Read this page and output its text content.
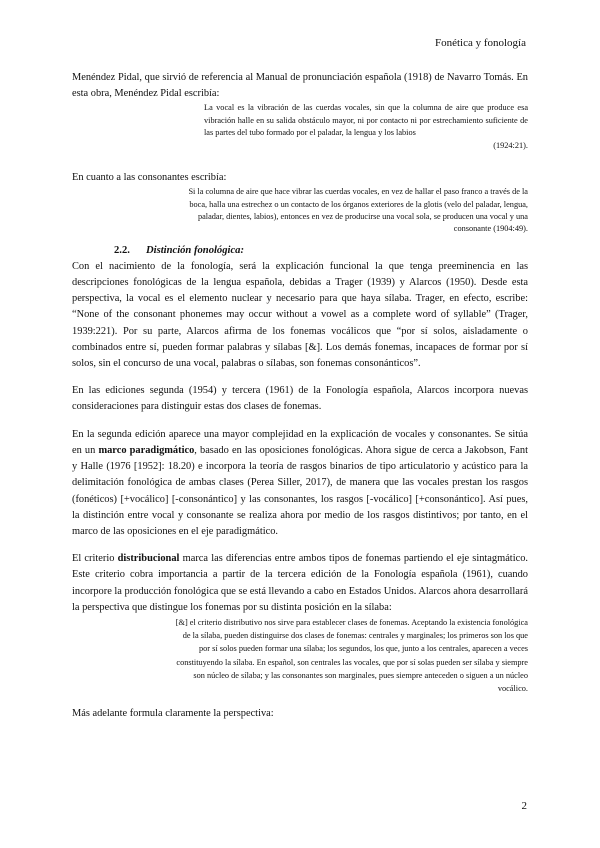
Fonética y fonología

Menéndez Pidal, que sirvió de referencia al Manual de pronunciación española (1918) de Navarro Tomás. En esta obra, Menéndez Pidal escribía:

La vocal es la vibración de las cuerdas vocales, sin que la columna de aire que produce esa vibración halle en su salida obstáculo mayor, ni por contacto ni por estrechamiento suficiente de las partes del tubo formado por el paladar, la lengua y los labios
(1924:21).

En cuanto a las consonantes escribía:

Si la columna de aire que hace vibrar las cuerdas vocales, en vez de hallar el paso franco a través de la boca, halla una estrechez o un contacto de los órganos exteriores de la glotis (velo del paladar, lengua, paladar, dientes, labios), entonces en vez de producirse una vocal sola, se producen una vocal y una consonante (1904:49).
2.2. Distinción fonológica:

Con el nacimiento de la fonología, será la explicación funcional la que tenga preeminencia en las descripciones fonológicas de la lengua española, debidas a Trager (1939) y Alarcos (1950). Desde esta perspectiva, la vocal es el elemento nuclear y necesario para que haya sílaba. Trager, en efecto, escribe: “None of the consonant phonemes may occur without a vowel as a complete word of syllable” (Trager, 1939:221). Por su parte, Alarcos afirma de los fonemas vocálicos que “por sí solos, aisladamente o combinados entre sí, pueden formar palabras y sílabas [&]. Los demás fonemas, incapaces de formar por sí solos, sin el concurso de una vocal, palabras o sílabas, son fonemas consonánticos”.

En las ediciones segunda (1954) y tercera (1961) de la Fonología española, Alarcos incorpora nuevas consideraciones para distinguir estas dos clases de fonemas.

En la segunda edición aparece una mayor complejidad en la explicación de vocales y consonantes. Se sitúa en un marco paradigmático, basado en las oposiciones fonológicas. Ahora sigue de cerca a Jakobson, Fant y Halle (1976 [1952]: 18.20) e incorpora la teoría de rasgos binarios de tipo articulatorio y acústico para la delimitación fonológica de ambas clases (Perea Siller, 2017), de manera que las vocales prestan los rasgos (fonéticos) [+vocálico] [-consonántico] y las consonantes, los rasgos [-vocálico] [+consonántico]. Así pues, la distinción entre vocal y consonante se realiza ahora por medio de los rasgos distintivos; por tanto, en el marco de las oposiciones en el eje paradigmático.

El criterio distribucional marca las diferencias entre ambos tipos de fonemas partiendo el eje sintagmático. Este criterio cobra importancia a partir de la tercera edición de la Fonología española (1961), cuando incorpore la producción fonológica que se está llevando a cabo en Estados Unidos. Alarcos ahora desarrollará la perspectiva que distingue los fonemas por su distinta posición en la sílaba:

[&] el criterio distributivo nos sirve para establecer clases de fonemas. Aceptando la existencia fonológica de la sílaba, pueden distinguirse dos clases de fonemas: centrales y marginales; los primeros son los que por sí solos pueden formar una sílaba; los segundos, los que, junto a los centrales, aparecen a veces constituyendo la sílaba. En español, son centrales las vocales, que por sí solas pueden ser sílaba y siempre son núcleo de sílaba; y las consonantes son marginales, pues siempre anteceden o siguen a un núcleo vocálico.

Más adelante formula claramente la perspectiva:

2
